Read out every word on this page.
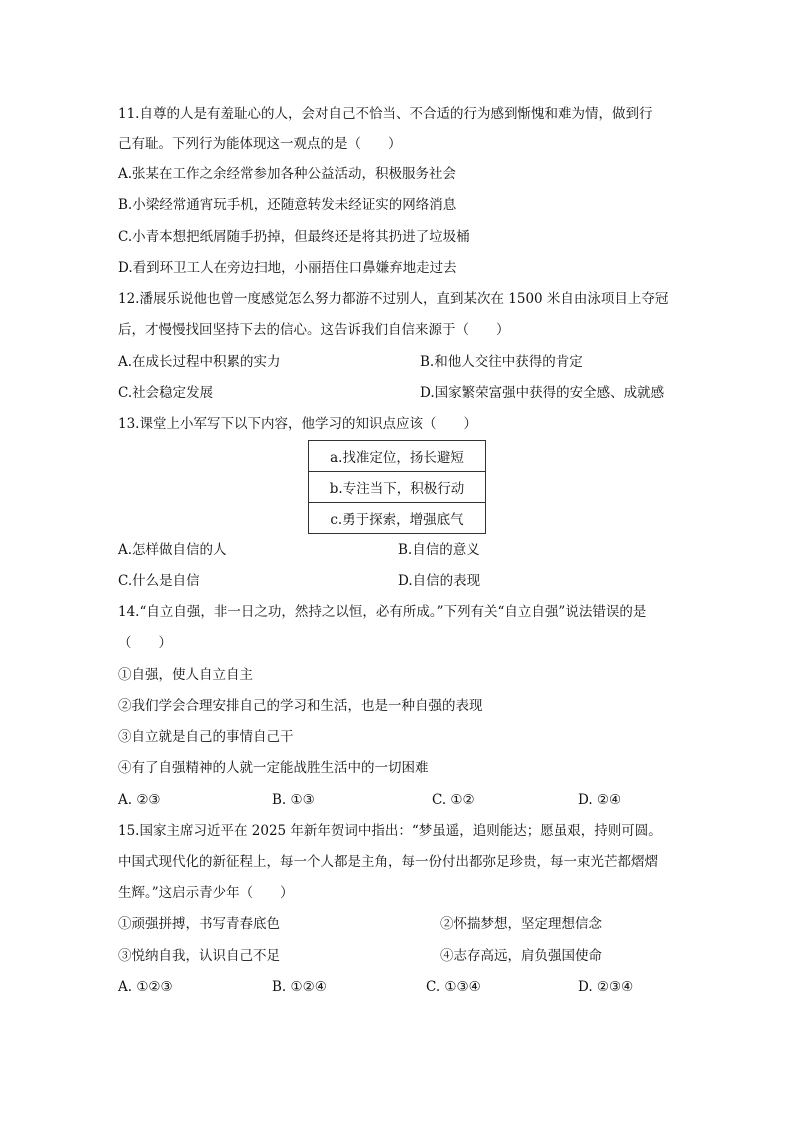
11.自尊的人是有羞耻心的人，会对自己不恰当、不合适的行为感到惭愧和难为情，做到行
己有耻。下列行为能体现这一观点的是（　　）
A.张某在工作之余经常参加各种公益活动，积极服务社会
B.小梁经常通宵玩手机，还随意转发未经证实的网络消息
C.小青本想把纸屑随手扔掉，但最终还是将其扔进了垃圾桶
D.看到环卫工人在旁边扫地，小丽捂住口鼻嫌弃地走过去
12.潘展乐说他也曾一度感觉怎么努力都游不过别人，直到某次在 1500 米自由泳项目上夺冠
后，才慢慢找回坚持下去的信心。这告诉我们自信来源于（　　）
A.在成长过程中积累的实力	B.和他人交往中获得的肯定
C.社会稳定发展	D.国家繁荣富强中获得的安全感、成就感
13.课堂上小军写下以下内容，他学习的知识点应该（　　）
a.找准定位，扬长避短
b.专注当下，积极行动
c.勇于探索，增强底气
A.怎样做自信的人	B.自信的意义
C.什么是自信	D.自信的表现
14.“自立自强，非一日之功，然持之以恒，必有所成。”下列有关“自立自强”说法错误的是
（　　）
①自强，使人自立自主
②我们学会合理安排自己的学习和生活，也是一种自强的表现
③自立就是自己的事情自己干
④有了自强精神的人就一定能战胜生活中的一切困难
A. ②③	B. ①③	C. ①②	D. ②④
15.国家主席习近平在 2025 年新年贺词中指出：“梦虽遥，追则能达；愿虽艰，持则可圆。
中国式现代化的新征程上，每一个人都是主角，每一份付出都弥足珍贵，每一束光芒都熠熠
生辉。”这启示青少年（　　）
①顽强拼搏，书写青春底色	②怀揣梦想，坚定理想信念
③悦纳自我，认识自己不足	④志存高远，肩负强国使命
A. ①②③	B. ①②④	C. ①③④	D. ②③④
